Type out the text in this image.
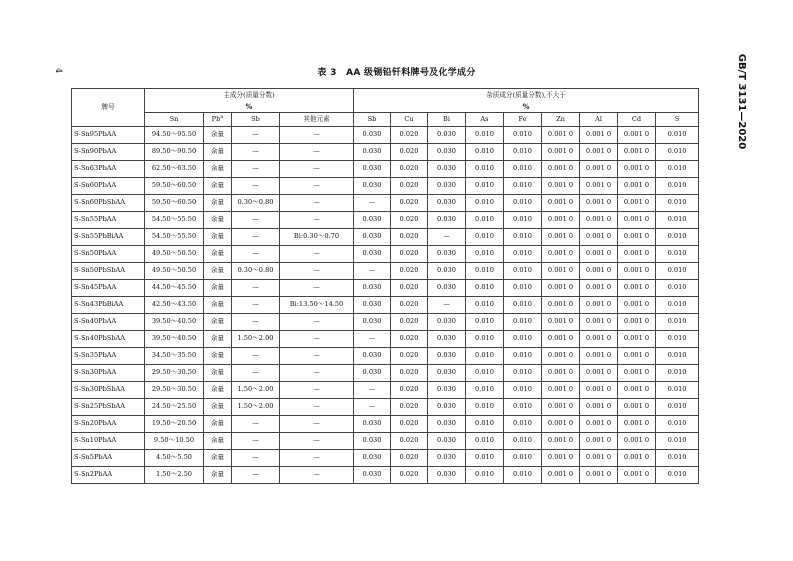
4	GB/T 3131—2020
表 3 AA 级锡铅钎料牌号及化学成分
牌号	主成分(质量分数)				杂质成分(质量分数),不大于								
	%				%								
	Sn	Pb$^a$	Sb	其他元素	Sb	Cu	Bi	As	Fe	Zn	Al	Cd	S
S-Sn95PbAA	94.50～95.50	余量	—	—	0.030	0.020	0.030	0.010	0.010	0.001 0	0.001 0	0.001 0	0.010
S-Sn90PbAA	89.50～90.50	余量	—	—	0.030	0.020	0.030	0.010	0.010	0.001 0	0.001 0	0.001 0	0.010
S-Sn63PbAA	62.50～63.50	余量	—	—	0.030	0.020	0.030	0.010	0.010	0.001 0	0.001 0	0.001 0	0.010
S-Sn60PbAA	59.50～60.50	余量	—	—	0.030	0.020	0.030	0.010	0.010	0.001 0	0.001 0	0.001 0	0.010
S-Sn60PbSbAA	59.50～60.50	余量	0.30～0.80	—	—	0.020	0.030	0.010	0.010	0.001 0	0.001 0	0.001 0	0.010
S-Sn55PbAA	54.50～55.50	余量	—	—	0.030	0.020	0.030	0.010	0.010	0.001 0	0.001 0	0.001 0	0.010
S-Sn55PbBiAA	54.50～55.50	余量	—	Bi:0.30～0.70	0.030	0.020	—	0.010	0.010	0.001 0	0.001 0	0.001 0	0.010
S-Sn50PbAA	49.50～50.50	余量	—	—	0.030	0.020	0.030	0.010	0.010	0.001 0	0.001 0	0.001 0	0.010
S-Sn50PbSbAA	49.50～50.50	余量	0.30～0.80	—	—	0.020	0.030	0.010	0.010	0.001 0	0.001 0	0.001 0	0.010
S-Sn45PbAA	44.50～45.50	余量	—	—	0.030	0.020	0.030	0.010	0.010	0.001 0	0.001 0	0.001 0	0.010
S-Sn43PbBiAA	42.50～43.50	余量	—	Bi:13.50～14.50	0.030	0.020	—	0.010	0.010	0.001 0	0.001 0	0.001 0	0.010
S-Sn40PbAA	39.50～40.50	余量	—	—	0.030	0.020	0.030	0.010	0.010	0.001 0	0.001 0	0.001 0	0.010
S-Sn40PbSbAA	39.50～40.50	余量	1.50～2.00	—	—	0.020	0.030	0.010	0.010	0.001 0	0.001 0	0.001 0	0.010
S-Sn35PbAA	34.50～35.50	余量	—	—	0.030	0.020	0.030	0.010	0.010	0.001 0	0.001 0	0.001 0	0.010
S-Sn30PbAA	29.50～30.50	余量	—	—	0.030	0.020	0.030	0.010	0.010	0.001 0	0.001 0	0.001 0	0.010
S-Sn30PbSbAA	29.50～30.50	余量	1.50～2.00	—	—	0.020	0.030	0.010	0.010	0.001 0	0.001 0	0.001 0	0.010
S-Sn25PbSbAA	24.50～25.50	余量	1.50～2.00	—	—	0.020	0.030	0.010	0.010	0.001 0	0.001 0	0.001 0	0.010
S-Sn20PbAA	19.50～20.50	余量	—	—	0.030	0.020	0.030	0.010	0.010	0.001 0	0.001 0	0.001 0	0.010
S-Sn10PbAA	9.50～10.50	余量	—	—	0.030	0.020	0.030	0.010	0.010	0.001 0	0.001 0	0.001 0	0.010
S-Sn5PbAA	4.50～5.50	余量	—	—	0.030	0.020	0.030	0.010	0.010	0.001 0	0.001 0	0.001 0	0.010
S-Sn2PbAA	1.50～2.50	余量	—	—	0.030	0.020	0.030	0.010	0.010	0.001 0	0.001 0	0.001 0	0.010
